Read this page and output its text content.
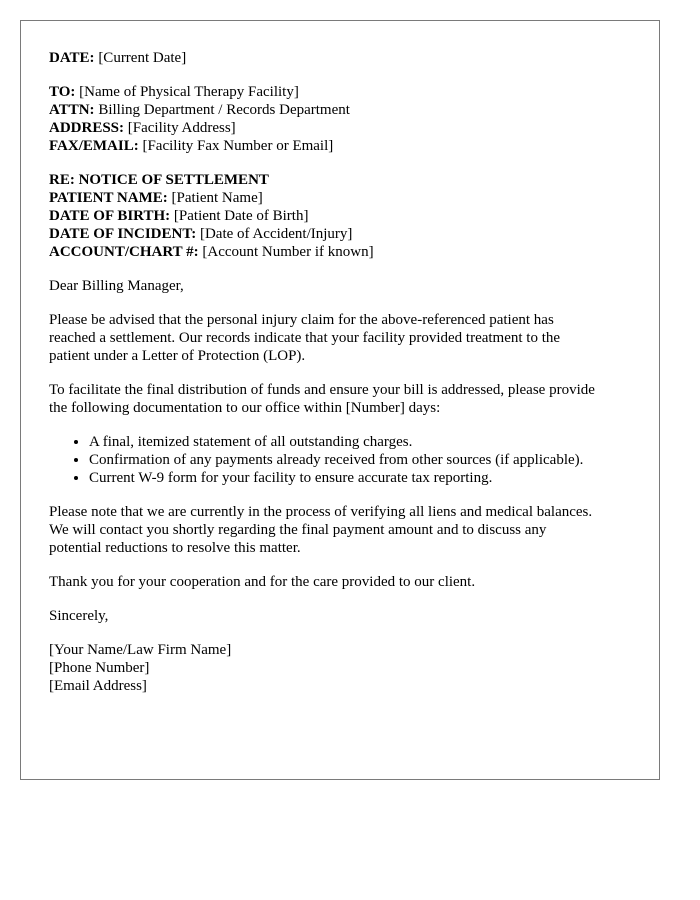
DATE: [Current Date]
TO: [Name of Physical Therapy Facility]
ATTN: Billing Department / Records Department
ADDRESS: [Facility Address]
FAX/EMAIL: [Facility Fax Number or Email]
RE: NOTICE OF SETTLEMENT
PATIENT NAME: [Patient Name]
DATE OF BIRTH: [Patient Date of Birth]
DATE OF INCIDENT: [Date of Accident/Injury]
ACCOUNT/CHART #: [Account Number if known]

Dear Billing Manager,

Please be advised that the personal injury claim for the above-referenced patient has
reached a settlement. Our records indicate that your facility provided treatment to the
patient under a Letter of Protection (LOP).

To facilitate the final distribution of funds and ensure your bill is addressed, please provide
the following documentation to our office within [Number] days:

• A final, itemized statement of all outstanding charges.
• Confirmation of any payments already received from other sources (if applicable).
• Current W-9 form for your facility to ensure accurate tax reporting.

Please note that we are currently in the process of verifying all liens and medical balances.
We will contact you shortly regarding the final payment amount and to discuss any
potential reductions to resolve this matter.

Thank you for your cooperation and for the care provided to our client.

Sincerely,

[Your Name/Law Firm Name]
[Phone Number]
[Email Address]
